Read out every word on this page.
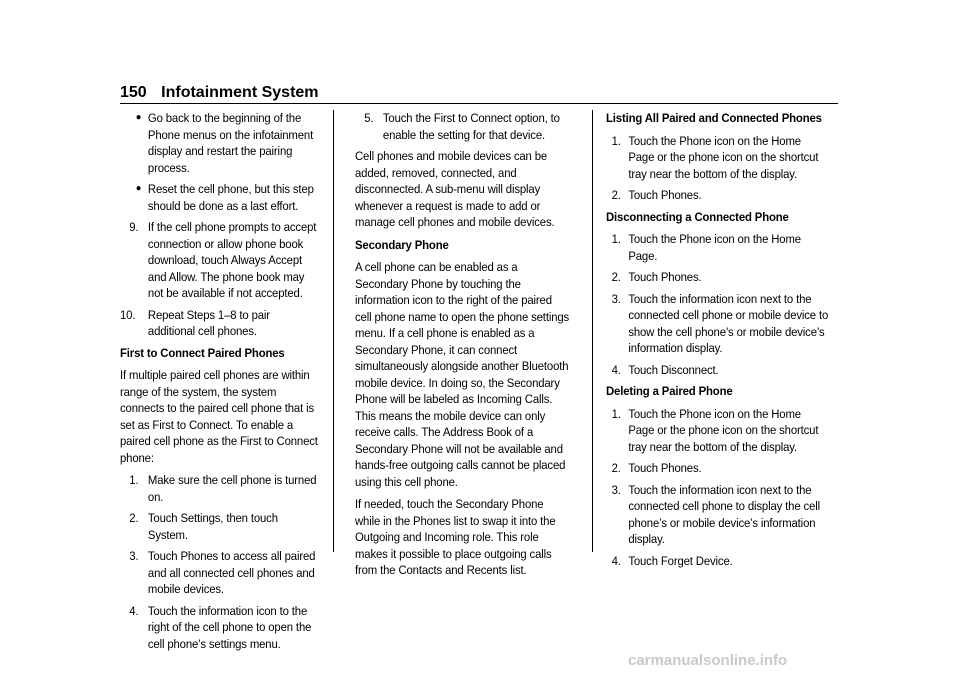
150 Infotainment System
● Go back to the beginning of the Phone menus on the infotainment display and restart the pairing process.
● Reset the cell phone, but this step should be done as a last effort.
9. If the cell phone prompts to accept connection or allow phone book download, touch Always Accept and Allow. The phone book may not be available if not accepted.
10. Repeat Steps 1–8 to pair additional cell phones.

First to Connect Paired Phones

If multiple paired cell phones are within range of the system, the system connects to the paired cell phone that is set as First to Connect. To enable a paired cell phone as the First to Connect phone:

1. Make sure the cell phone is turned on.
2. Touch Settings, then touch System.
3. Touch Phones to access all paired and all connected cell phones and mobile devices.
4. Touch the information icon to the right of the cell phone to open the cell phone’s settings menu.
5. Touch the First to Connect option, to enable the setting for that device.

Cell phones and mobile devices can be added, removed, connected, and disconnected. A sub-menu will display whenever a request is made to add or manage cell phones and mobile devices.

Secondary Phone

A cell phone can be enabled as a Secondary Phone by touching the information icon to the right of the paired cell phone name to open the phone settings menu. If a cell phone is enabled as a Secondary Phone, it can connect simultaneously alongside another Bluetooth mobile device. In doing so, the Secondary Phone will be labeled as Incoming Calls. This means the mobile device can only receive calls. The Address Book of a Secondary Phone will not be available and hands-free outgoing calls cannot be placed using this cell phone.

If needed, touch the Secondary Phone while in the Phones list to swap it into the Outgoing and Incoming role. This role makes it possible to place outgoing calls from the Contacts and Recents list.

Listing All Paired and Connected Phones

1. Touch the Phone icon on the Home Page or the phone icon on the shortcut tray near the bottom of the display.
2. Touch Phones.

Disconnecting a Connected Phone

1. Touch the Phone icon on the Home Page.
2. Touch Phones.
3. Touch the information icon next to the connected cell phone or mobile device to show the cell phone’s or mobile device’s information display.
4. Touch Disconnect.

Deleting a Paired Phone

1. Touch the Phone icon on the Home Page or the phone icon on the shortcut tray near the bottom of the display.
2. Touch Phones.
3. Touch the information icon next to the connected cell phone to display the cell phone’s or mobile device’s information display.
4. Touch Forget Device.
carmanualsonline.info
